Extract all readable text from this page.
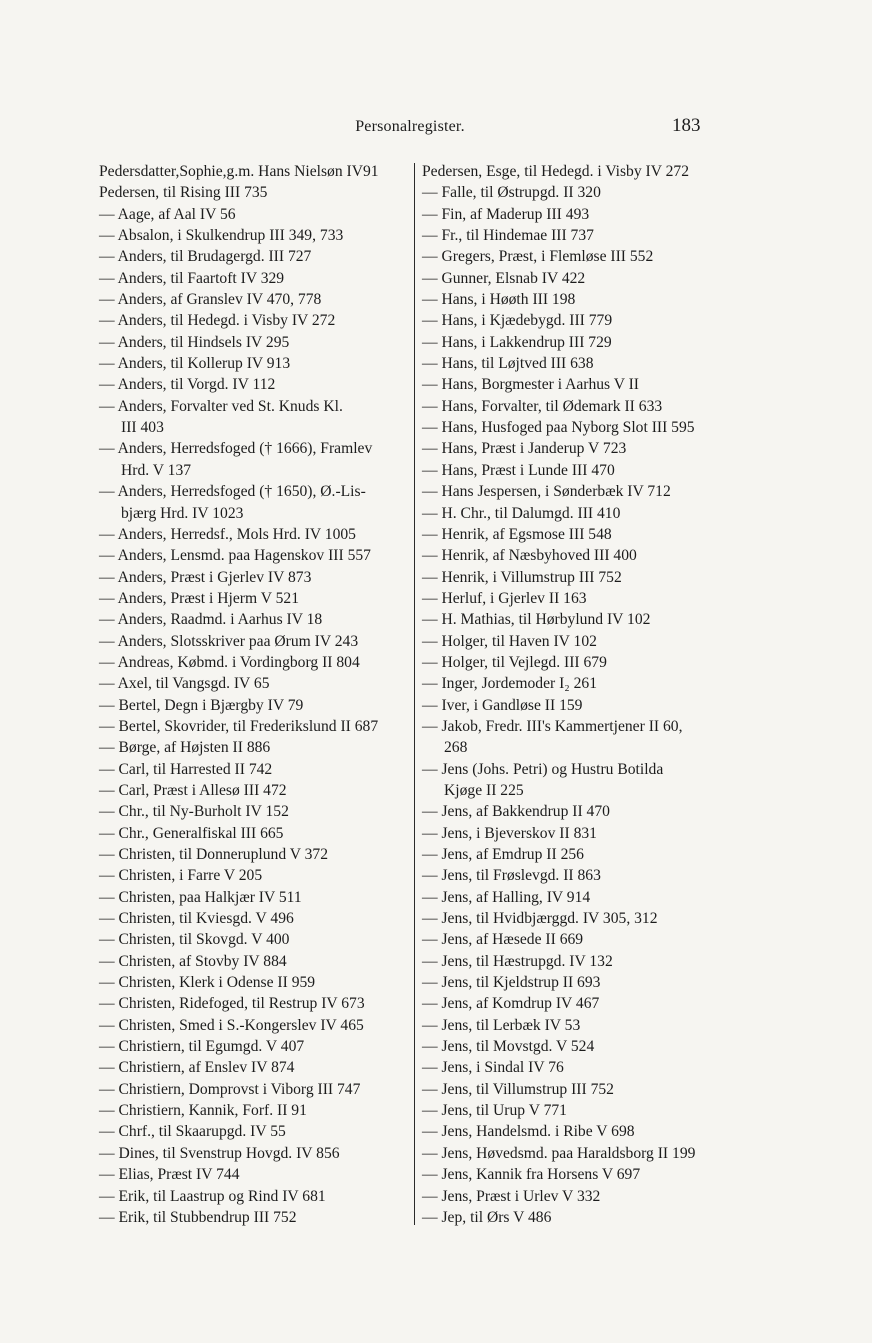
Personalregister.	183
Pedersdatter,Sophie,g.m. Hans Nielsøn IV91
Pedersen, til Rising III 735
— Aage, af Aal IV 56
— Absalon, i Skulkendrup III 349, 733
— Anders, til Brudagergd. III 727
— Anders, til Faartoft IV 329
— Anders, af Granslev IV 470, 778
— Anders, til Hedegd. i Visby IV 272
— Anders, til Hindsels IV 295
— Anders, til Kollerup IV 913
— Anders, til Vorgd. IV 112
— Anders, Forvalter ved St. Knuds Kl.
III 403
— Anders, Herredsfoged († 1666), Framlev
Hrd. V 137
— Anders, Herredsfoged († 1650), Ø.-Lis-
bjærg Hrd. IV 1023
— Anders, Herredsf., Mols Hrd. IV 1005
— Anders, Lensmd. paa Hagenskov III 557
— Anders, Præst i Gjerlev IV 873
— Anders, Præst i Hjerm V 521
— Anders, Raadmd. i Aarhus IV 18
— Anders, Slotsskriver paa Ørum IV 243
— Andreas, Købmd. i Vordingborg II 804
— Axel, til Vangsgd. IV 65
— Bertel, Degn i Bjærgby IV 79
— Bertel, Skovrider, til Frederikslund II 687
— Børge, af Højsten II 886
— Carl, til Harrested II 742
— Carl, Præst i Allesø III 472
— Chr., til Ny-Burholt IV 152
— Chr., Generalfiskal III 665
— Christen, til Donneruplund V 372
— Christen, i Farre V 205
— Christen, paa Halkjær IV 511
— Christen, til Kviesgd. V 496
— Christen, til Skovgd. V 400
— Christen, af Stovby IV 884
— Christen, Klerk i Odense II 959
— Christen, Ridefoged, til Restrup IV 673
— Christen, Smed i S.-Kongerslev IV 465
— Christiern, til Egumgd. V 407
— Christiern, af Enslev IV 874
— Christiern, Domprovst i Viborg III 747
— Christiern, Kannik, Forf. II 91
— Chrf., til Skaarupgd. IV 55
— Dines, til Svenstrup Hovgd. IV 856
— Elias, Præst IV 744
— Erik, til Laastrup og Rind IV 681
— Erik, til Stubbendrup III 752
Pedersen, Esge, til Hedegd. i Visby IV 272
— Falle, til Østrupgd. II 320
— Fin, af Maderup III 493
— Fr., til Hindemae III 737
— Gregers, Præst, i Flemløse III 552
— Gunner, Elsnab IV 422
— Hans, i Høøth III 198
— Hans, i Kjædebygd. III 779
— Hans, i Lakkendrup III 729
— Hans, til Løjtved III 638
— Hans, Borgmester i Aarhus V II
— Hans, Forvalter, til Ødemark II 633
— Hans, Husfoged paa Nyborg Slot III 595
— Hans, Præst i Janderup V 723
— Hans, Præst i Lunde III 470
— Hans Jespersen, i Sønderbæk IV 712
— H. Chr., til Dalumgd. III 410
— Henrik, af Egsmose III 548
— Henrik, af Næsbyhoved III 400
— Henrik, i Villumstrup III 752
— Herluf, i Gjerlev II 163
— H. Mathias, til Hørbylund IV 102
— Holger, til Haven IV 102
— Holger, til Vejlegd. III 679
— Inger, Jordemoder I₂ 261
— Iver, i Gandløse II 159
— Jakob, Fredr. III's Kammertjener II 60,
268
— Jens (Johs. Petri) og Hustru Botilda
Kjøge II 225
— Jens, af Bakkendrup II 470
— Jens, i Bjeverskov II 831
— Jens, af Emdrup II 256
— Jens, til Frøslevgd. II 863
— Jens, af Halling, IV 914
— Jens, til Hvidbjærggd. IV 305, 312
— Jens, af Hæsede II 669
— Jens, til Hæstrupgd. IV 132
— Jens, til Kjeldstrup II 693
— Jens, af Komdrup IV 467
— Jens, til Lerbæk IV 53
— Jens, til Movstgd. V 524
— Jens, i Sindal IV 76
— Jens, til Villumstrup III 752
— Jens, til Urup V 771
— Jens, Handelsmd. i Ribe V 698
— Jens, Høvedsmd. paa Haraldsborg II 199
— Jens, Kannik fra Horsens V 697
— Jens, Præst i Urlev V 332
— Jep, til Ørs V 486
